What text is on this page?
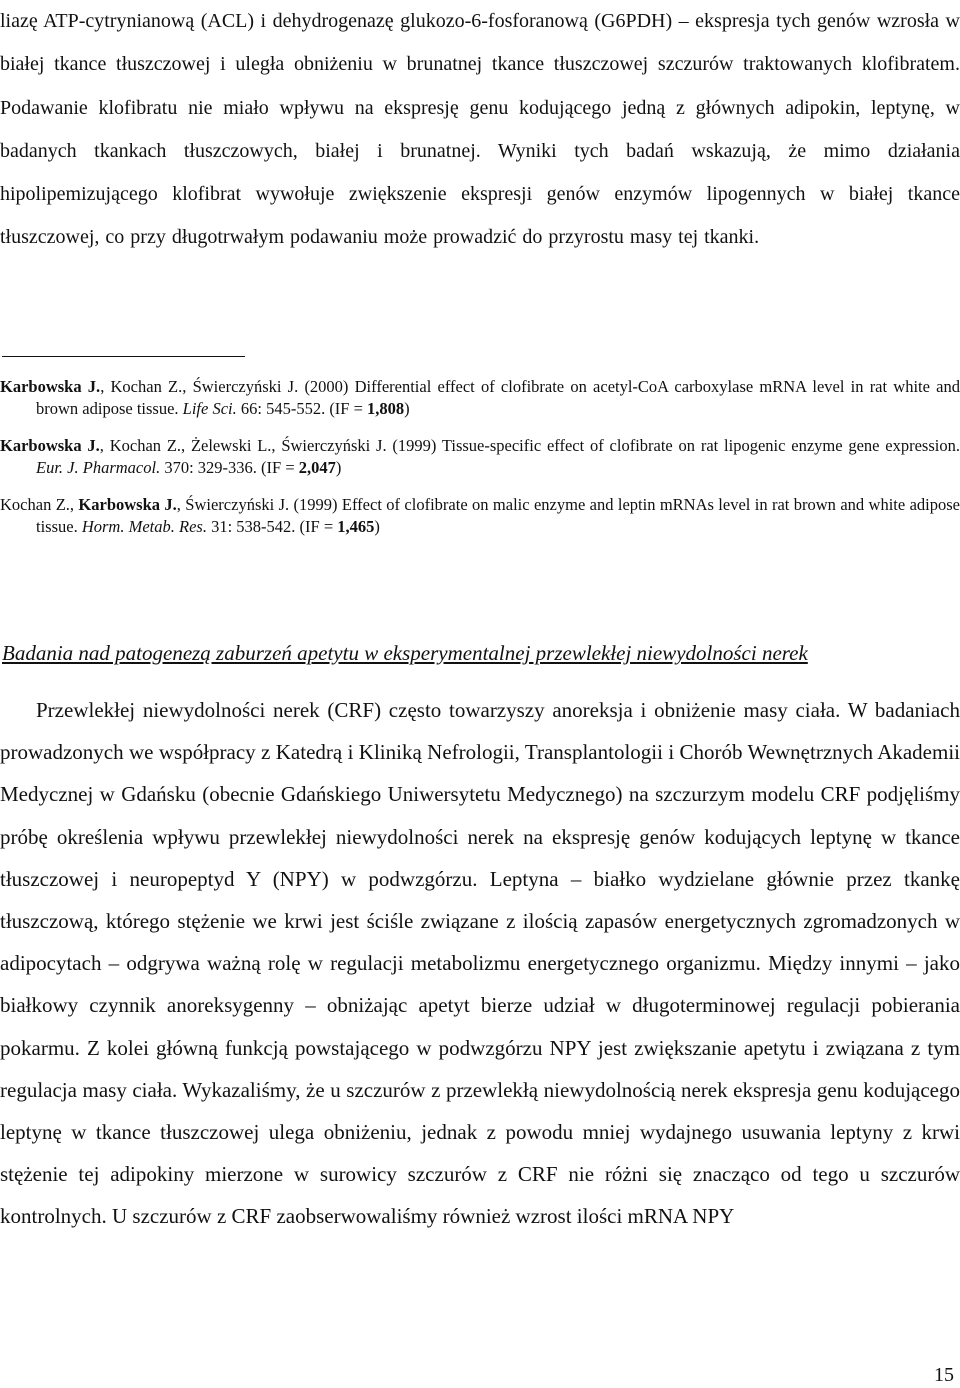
liazę ATP-cytrynianową (ACL) i dehydrogenazę glukozo-6-fosforanową (G6PDH) – ekspresja tych genów wzrosła w białej tkance tłuszczowej i uległa obniżeniu w brunatnej tkance tłuszczowej szczurów traktowanych klofibratem. Podawanie klofibratu nie miało wpływu na ekspresję genu kodującego jedną z głównych adipokin, leptynę, w badanych tkankach tłuszczowych, białej i brunatnej. Wyniki tych badań wskazują, że mimo działania hipolipemizującego klofibrat wywołuje zwiększenie ekspresji genów enzymów lipogennych w białej tkance tłuszczowej, co przy długotrwałym podawaniu może prowadzić do przyrostu masy tej tkanki.

Karbowska J., Kochan Z., Świerczyński J. (2000) Differential effect of clofibrate on acetyl-CoA carboxylase mRNA level in rat white and brown adipose tissue. Life Sci. 66: 545-552. (IF = 1,808)
Karbowska J., Kochan Z., Żelewski L., Świerczyński J. (1999) Tissue-specific effect of clofibrate on rat lipogenic enzyme gene expression. Eur. J. Pharmacol. 370: 329-336. (IF = 2,047)
Kochan Z., Karbowska J., Świerczyński J. (1999) Effect of clofibrate on malic enzyme and leptin mRNAs level in rat brown and white adipose tissue. Horm. Metab. Res. 31: 538-542. (IF = 1,465)
Badania nad patogenezą zaburzeń apetytu w eksperymentalnej przewlekłej niewydolności nerek

Przewlekłej niewydolności nerek (CRF) często towarzyszy anoreksja i obniżenie masy ciała. W badaniach prowadzonych we współpracy z Katedrą i Kliniką Nefrologii, Transplantologii i Chorób Wewnętrznych Akademii Medycznej w Gdańsku (obecnie Gdańskiego Uniwersytetu Medycznego) na szczurzym modelu CRF podjęliśmy próbę określenia wpływu przewlekłej niewydolności nerek na ekspresję genów kodujących leptynę w tkance tłuszczowej i neuropeptyd Y (NPY) w podwzgórzu. Leptyna – białko wydzielane głównie przez tkankę tłuszczową, którego stężenie we krwi jest ściśle związane z ilością zapasów energetycznych zgromadzonych w adipocytach – odgrywa ważną rolę w regulacji metabolizmu energetycznego organizmu. Między innymi – jako białkowy czynnik anoreksygenny – obniżając apetyt bierze udział w długoterminowej regulacji pobierania pokarmu. Z kolei główną funkcją powstającego w podwzgórzu NPY jest zwiększanie apetytu i związana z tym regulacja masy ciała. Wykazaliśmy, że u szczurów z przewlekłą niewydolnością nerek ekspresja genu kodującego leptynę w tkance tłuszczowej ulega obniżeniu, jednak z powodu mniej wydajnego usuwania leptyny z krwi stężenie tej adipokiny mierzone w surowicy szczurów z CRF nie różni się znacząco od tego u szczurów kontrolnych. U szczurów z CRF zaobserwowaliśmy również wzrost ilości mRNA NPY

15
